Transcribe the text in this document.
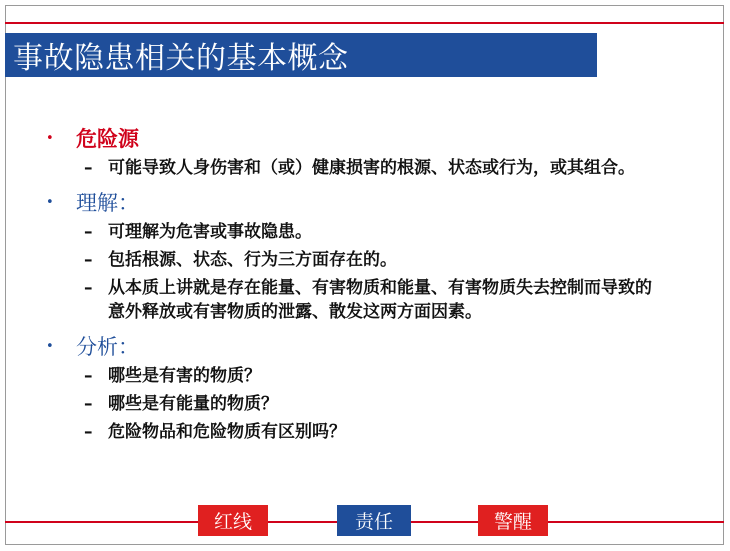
事故隐患相关的基本概念
• 危险源
– 可能导致人身伤害和（或）健康损害的根源、状态或行为，或其组合。
• 理解：
– 可理解为危害或事故隐患。
– 包括根源、状态、行为三方面存在的。
– 从本质上讲就是存在能量、有害物质和能量、有害物质失去控制而导致的意外释放或有害物质的泄露、散发这两方面因素。
• 分析：
– 哪些是有害的物质？
– 哪些是有能量的物质？
– 危险物品和危险物质有区别吗？
红线	责任	警醒
